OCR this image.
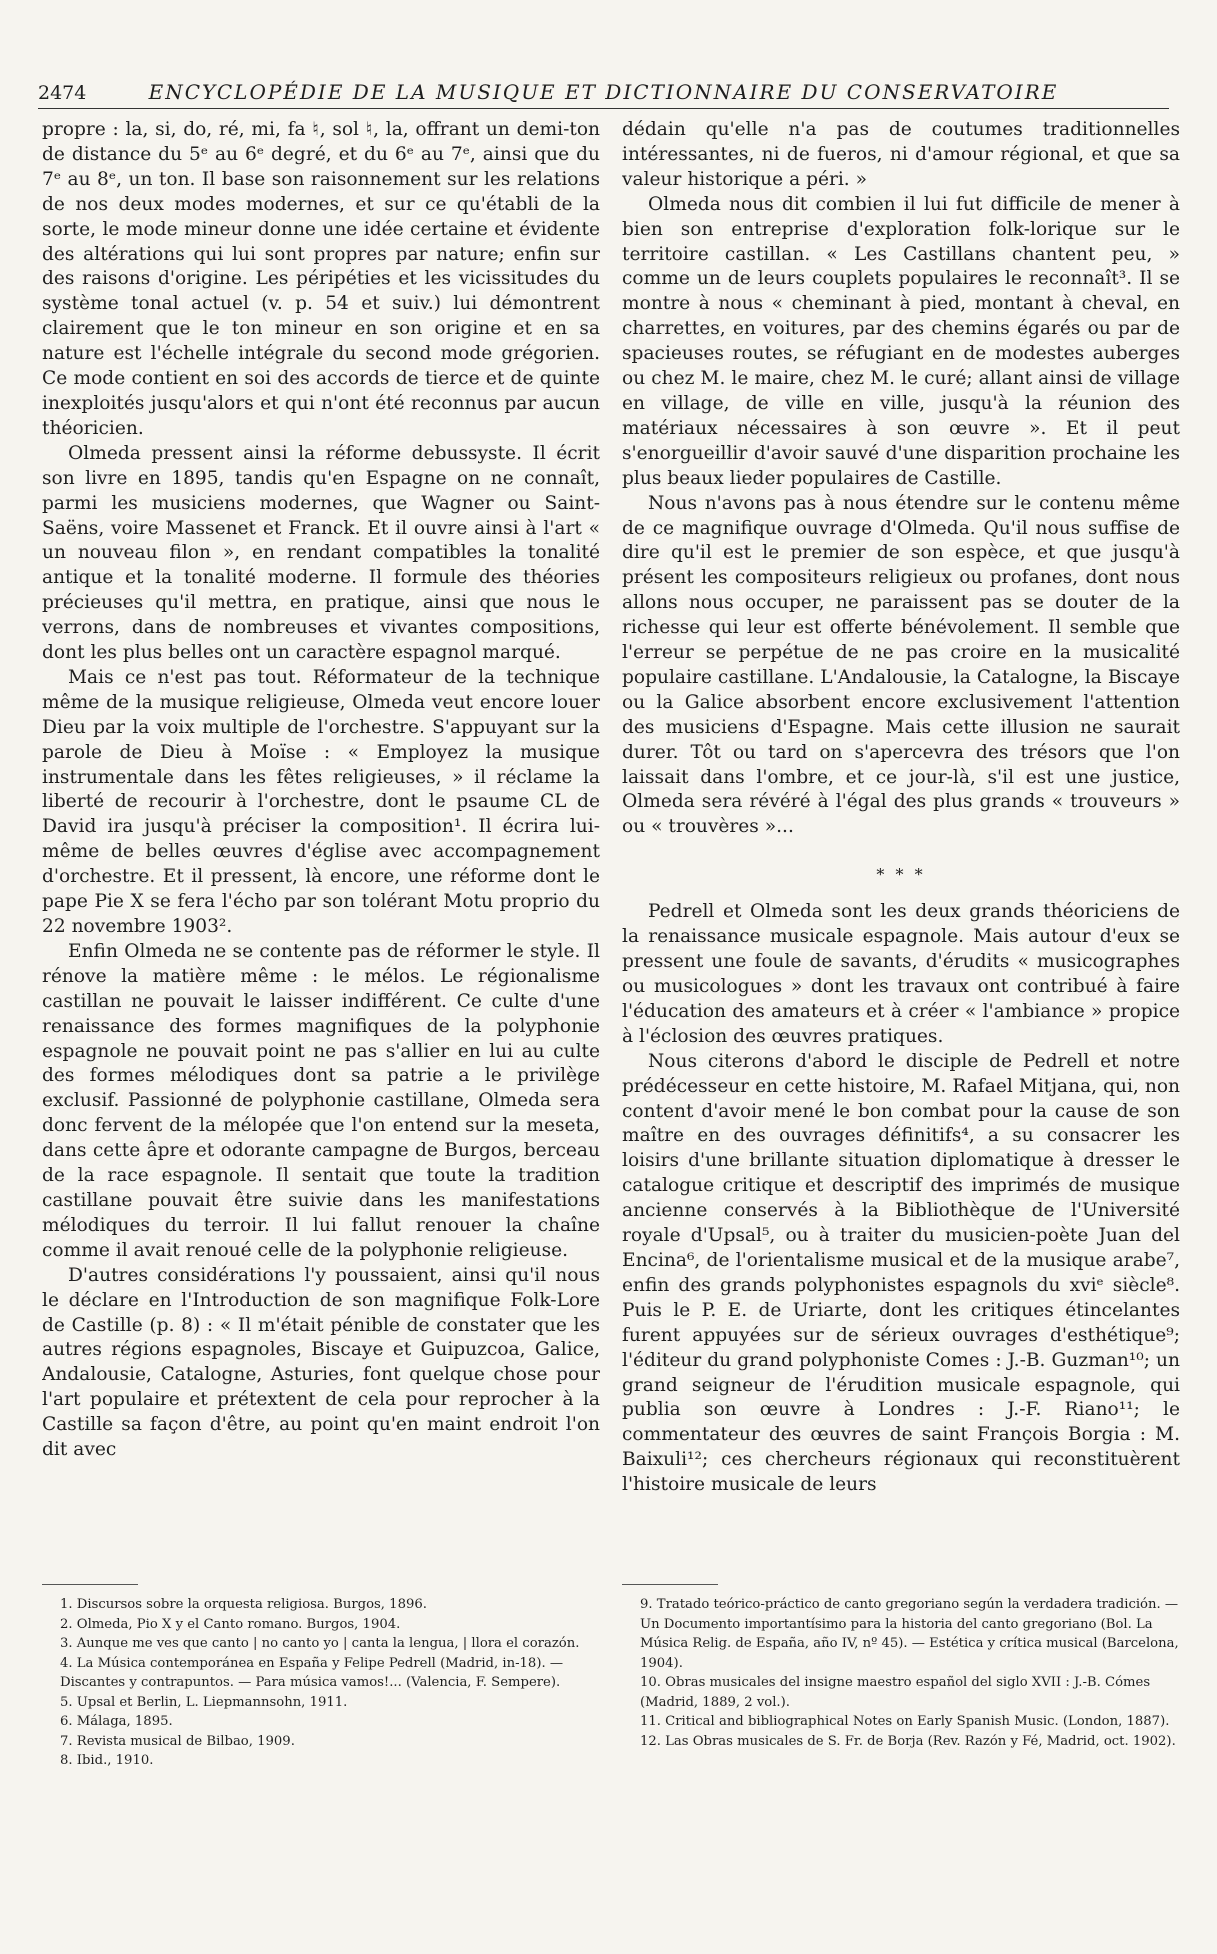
2474	ENCYCLOPÉDIE DE LA MUSIQUE ET DICTIONNAIRE DU CONSERVATOIRE

propre : la, si, do, ré, mi, fa ♮, sol ♮, la, offrant un demi-ton de distance du 5ᵉ au 6ᵉ degré, et du 6ᵉ au 7ᵉ, ainsi que du 7ᵉ au 8ᵉ, un ton. Il base son raisonnement sur les relations de nos deux modes modernes, et sur ce qu'établi de la sorte, le mode mineur donne une idée certaine et évidente des altérations qui lui sont propres par nature; enfin sur des raisons d'origine. Les péripéties et les vicissitudes du système tonal actuel (v. p. 54 et suiv.) lui démontrent clairement que le ton mineur en son origine et en sa nature est l'échelle intégrale du second mode grégorien. Ce mode contient en soi des accords de tierce et de quinte inexploités jusqu'alors et qui n'ont été reconnus par aucun théoricien.

Olmeda pressent ainsi la réforme debussyste. Il écrit son livre en 1895, tandis qu'en Espagne on ne connaît, parmi les musiciens modernes, que Wagner ou Saint-Saëns, voire Massenet et Franck. Et il ouvre ainsi à l'art « un nouveau filon », en rendant compatibles la tonalité antique et la tonalité moderne. Il formule des théories précieuses qu'il mettra, en pratique, ainsi que nous le verrons, dans de nombreuses et vivantes compositions, dont les plus belles ont un caractère espagnol marqué.

Mais ce n'est pas tout. Réformateur de la technique même de la musique religieuse, Olmeda veut encore louer Dieu par la voix multiple de l'orchestre. S'appuyant sur la parole de Dieu à Moïse : « Employez la musique instrumentale dans les fêtes religieuses, » il réclame la liberté de recourir à l'orchestre, dont le psaume CL de David ira jusqu'à préciser la composition¹. Il écrira lui-même de belles œuvres d'église avec accompagnement d'orchestre. Et il pressent, là encore, une réforme dont le pape Pie X se fera l'écho par son tolérant Motu proprio du 22 novembre 1903².

Enfin Olmeda ne se contente pas de réformer le style. Il rénove la matière même : le mélos. Le régionalisme castillan ne pouvait le laisser indifférent. Ce culte d'une renaissance des formes magnifiques de la polyphonie espagnole ne pouvait point ne pas s'allier en lui au culte des formes mélodiques dont sa patrie a le privilège exclusif. Passionné de polyphonie castillane, Olmeda sera donc fervent de la mélopée que l'on entend sur la meseta, dans cette âpre et odorante campagne de Burgos, berceau de la race espagnole. Il sentait que toute la tradition castillane pouvait être suivie dans les manifestations mélodiques du terroir. Il lui fallut renouer la chaîne comme il avait renoué celle de la polyphonie religieuse.

D'autres considérations l'y poussaient, ainsi qu'il nous le déclare en l'Introduction de son magnifique Folk-Lore de Castille (p. 8) : « Il m'était pénible de constater que les autres régions espagnoles, Biscaye et Guipuzcoa, Galice, Andalousie, Catalogne, Asturies, font quelque chose pour l'art populaire et prétextent de cela pour reprocher à la Castille sa façon d'être, au point qu'en maint endroit l'on dit avec

dédain qu'elle n'a pas de coutumes traditionnelles intéressantes, ni de fueros, ni d'amour régional, et que sa valeur historique a péri. »

Olmeda nous dit combien il lui fut difficile de mener à bien son entreprise d'exploration folk-lorique sur le territoire castillan. « Les Castillans chantent peu, » comme un de leurs couplets populaires le reconnaît³. Il se montre à nous « cheminant à pied, montant à cheval, en charrettes, en voitures, par des chemins égarés ou par de spacieuses routes, se réfugiant en de modestes auberges ou chez M. le maire, chez M. le curé; allant ainsi de village en village, de ville en ville, jusqu'à la réunion des matériaux nécessaires à son œuvre ». Et il peut s'enorgueillir d'avoir sauvé d'une disparition prochaine les plus beaux lieder populaires de Castille.

Nous n'avons pas à nous étendre sur le contenu même de ce magnifique ouvrage d'Olmeda. Qu'il nous suffise de dire qu'il est le premier de son espèce, et que jusqu'à présent les compositeurs religieux ou profanes, dont nous allons nous occuper, ne paraissent pas se douter de la richesse qui leur est offerte bénévolement. Il semble que l'erreur se perpétue de ne pas croire en la musicalité populaire castillane. L'Andalousie, la Catalogne, la Biscaye ou la Galice absorbent encore exclusivement l'attention des musiciens d'Espagne. Mais cette illusion ne saurait durer. Tôt ou tard on s'apercevra des trésors que l'on laissait dans l'ombre, et ce jour-là, s'il est une justice, Olmeda sera révéré à l'égal des plus grands « trouveurs » ou « trouvères »...

* * *

Pedrell et Olmeda sont les deux grands théoriciens de la renaissance musicale espagnole. Mais autour d'eux se pressent une foule de savants, d'érudits « musicographes ou musicologues » dont les travaux ont contribué à faire l'éducation des amateurs et à créer « l'ambiance » propice à l'éclosion des œuvres pratiques.

Nous citerons d'abord le disciple de Pedrell et notre prédécesseur en cette histoire, M. Rafael Mitjana, qui, non content d'avoir mené le bon combat pour la cause de son maître en des ouvrages définitifs⁴, a su consacrer les loisirs d'une brillante situation diplomatique à dresser le catalogue critique et descriptif des imprimés de musique ancienne conservés à la Bibliothèque de l'Université royale d'Upsal⁵, ou à traiter du musicien-poète Juan del Encina⁶, de l'orientalisme musical et de la musique arabe⁷, enfin des grands polyphonistes espagnols du xviᵉ siècle⁸. Puis le P. E. de Uriarte, dont les critiques étincelantes furent appuyées sur de sérieux ouvrages d'esthétique⁹; l'éditeur du grand polyphoniste Comes : J.-B. Guzman¹⁰; un grand seigneur de l'érudition musicale espagnole, qui publia son œuvre à Londres : J.-F. Riano¹¹; le commentateur des œuvres de saint François Borgia : M. Baixuli¹²; ces chercheurs régionaux qui reconstituèrent l'histoire musicale de leurs

1. Discursos sobre la orquesta religiosa. Burgos, 1896.

2. Olmeda, Pio X y el Canto romano. Burgos, 1904.

3. Aunque me ves que canto | no canto yo | canta la lengua, | llora el corazón.

4. La Música contemporánea en España y Felipe Pedrell (Madrid, in-18). — Discantes y contrapuntos. — Para música vamos!... (Valencia, F. Sempere).

5. Upsal et Berlin, L. Liepmannsohn, 1911.

6. Málaga, 1895.

7. Revista musical de Bilbao, 1909.

8. Ibid., 1910.

9. Tratado teórico-práctico de canto gregoriano según la verdadera tradición. — Un Documento importantísimo para la historia del canto gregoriano (Bol. La Música Relig. de España, año IV, nº 45). — Estética y crítica musical (Barcelona, 1904).

10. Obras musicales del insigne maestro español del siglo XVII : J.-B. Cómes (Madrid, 1889, 2 vol.).

11. Critical and bibliographical Notes on Early Spanish Music. (London, 1887).

12. Las Obras musicales de S. Fr. de Borja (Rev. Razón y Fé, Madrid, oct. 1902).
